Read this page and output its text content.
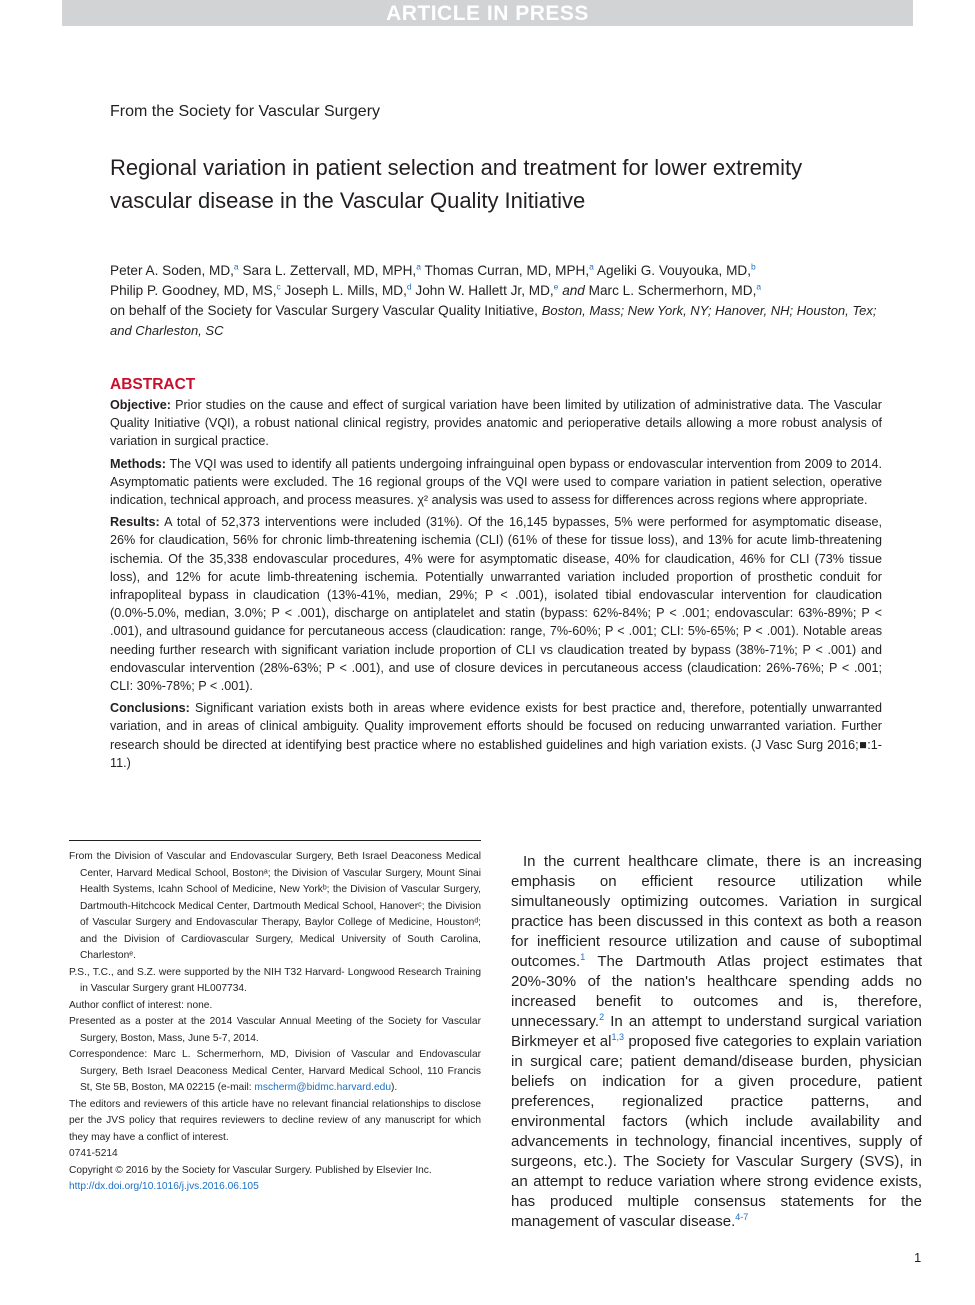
ARTICLE IN PRESS
From the Society for Vascular Surgery
Regional variation in patient selection and treatment for lower extremity vascular disease in the Vascular Quality Initiative
Peter A. Soden, MD,$^a$ Sara L. Zettervall, MD, MPH,$^a$ Thomas Curran, MD, MPH,$^a$ Ageliki G. Vouyouka, MD,$^b$
Philip P. Goodney, MD, MS,$^c$ Joseph L. Mills, MD,$^d$ John W. Hallett Jr, MD,$^e$ and Marc L. Schermerhorn, MD,$^a$
on behalf of the Society for Vascular Surgery Vascular Quality Initiative, Boston, Mass; New York, NY; Hanover, NH; Houston, Tex; and Charleston, SC
ABSTRACT

Objective: Prior studies on the cause and effect of surgical variation have been limited by utilization of administrative data. The Vascular Quality Initiative (VQI), a robust national clinical registry, provides anatomic and perioperative details allowing a more robust analysis of variation in surgical practice.

Methods: The VQI was used to identify all patients undergoing infrainguinal open bypass or endovascular intervention from 2009 to 2014. Asymptomatic patients were excluded. The 16 regional groups of the VQI were used to compare variation in patient selection, operative indication, technical approach, and process measures. χ² analysis was used to assess for differences across regions where appropriate.

Results: A total of 52,373 interventions were included (31%). Of the 16,145 bypasses, 5% were performed for asymptomatic disease, 26% for claudication, 56% for chronic limb-threatening ischemia (CLI) (61% of these for tissue loss), and 13% for acute limb-threatening ischemia. Of the 35,338 endovascular procedures, 4% were for asymptomatic disease, 40% for claudication, 46% for CLI (73% tissue loss), and 12% for acute limb-threatening ischemia. Potentially unwarranted variation included proportion of prosthetic conduit for infrapopliteal bypass in claudication (13%-41%, median, 29%; P < .001), isolated tibial endovascular intervention for claudication (0.0%-5.0%, median, 3.0%; P < .001), discharge on antiplatelet and statin (bypass: 62%-84%; P < .001; endovascular: 63%-89%; P < .001), and ultrasound guidance for percutaneous access (claudication: range, 7%-60%; P < .001; CLI: 5%-65%; P < .001). Notable areas needing further research with significant variation include proportion of CLI vs claudication treated by bypass (38%-71%; P < .001) and endovascular intervention (28%-63%; P < .001), and use of closure devices in percutaneous access (claudication: 26%-76%; P < .001; CLI: 30%-78%; P < .001).

Conclusions: Significant variation exists both in areas where evidence exists for best practice and, therefore, potentially unwarranted variation, and in areas of clinical ambiguity. Quality improvement efforts should be focused on reducing unwarranted variation. Further research should be directed at identifying best practice where no established guidelines and high variation exists. (J Vasc Surg 2016;■:1-11.)

From the Division of Vascular and Endovascular Surgery, Beth Israel Deaconess Medical Center, Harvard Medical School, Bostonᵃ; the Division of Vascular Surgery, Mount Sinai Health Systems, Icahn School of Medicine, New Yorkᵇ; the Division of Vascular Surgery, Dartmouth-Hitchcock Medical Center, Dartmouth Medical School, Hanoverᶜ; the Division of Vascular Surgery and Endovascular Therapy, Baylor College of Medicine, Houstonᵈ; and the Division of Cardiovascular Surgery, Medical University of South Carolina, Charlestonᵉ.

P.S., T.C., and S.Z. were supported by the NIH T32 Harvard- Longwood Research Training in Vascular Surgery grant HL007734.

Author conflict of interest: none.

Presented as a poster at the 2014 Vascular Annual Meeting of the Society for Vascular Surgery, Boston, Mass, June 5-7, 2014.

Correspondence: Marc L. Schermerhorn, MD, Division of Vascular and Endovascular Surgery, Beth Israel Deaconess Medical Center, Harvard Medical School, 110 Francis St, Ste 5B, Boston, MA 02215 (e-mail: mscherm@bidmc.harvard.edu).

The editors and reviewers of this article have no relevant financial relationships to disclose per the JVS policy that requires reviewers to decline review of any manuscript for which they may have a conflict of interest.

0741-5214

Copyright © 2016 by the Society for Vascular Surgery. Published by Elsevier Inc.

http://dx.doi.org/10.1016/j.jvs.2016.06.105

In the current healthcare climate, there is an increasing emphasis on efficient resource utilization while simultaneously optimizing outcomes. Variation in surgical practice has been discussed in this context as both a reason for inefficient resource utilization and cause of suboptimal outcomes.$^1$ The Dartmouth Atlas project estimates that 20%-30% of the nation's healthcare spending adds no increased benefit to outcomes and is, therefore, unnecessary.$^2$ In an attempt to understand surgical variation Birkmeyer et al$^{1,3}$ proposed five categories to explain variation in surgical care; patient demand/disease burden, physician beliefs on indication for a given procedure, patient preferences, regionalized practice patterns, and environmental factors (which include availability and advancements in technology, financial incentives, supply of surgeons, etc.). The Society for Vascular Surgery (SVS), in an attempt to reduce variation where strong evidence exists, has produced multiple consensus statements for the management of vascular disease.$^{4-7}$

1
